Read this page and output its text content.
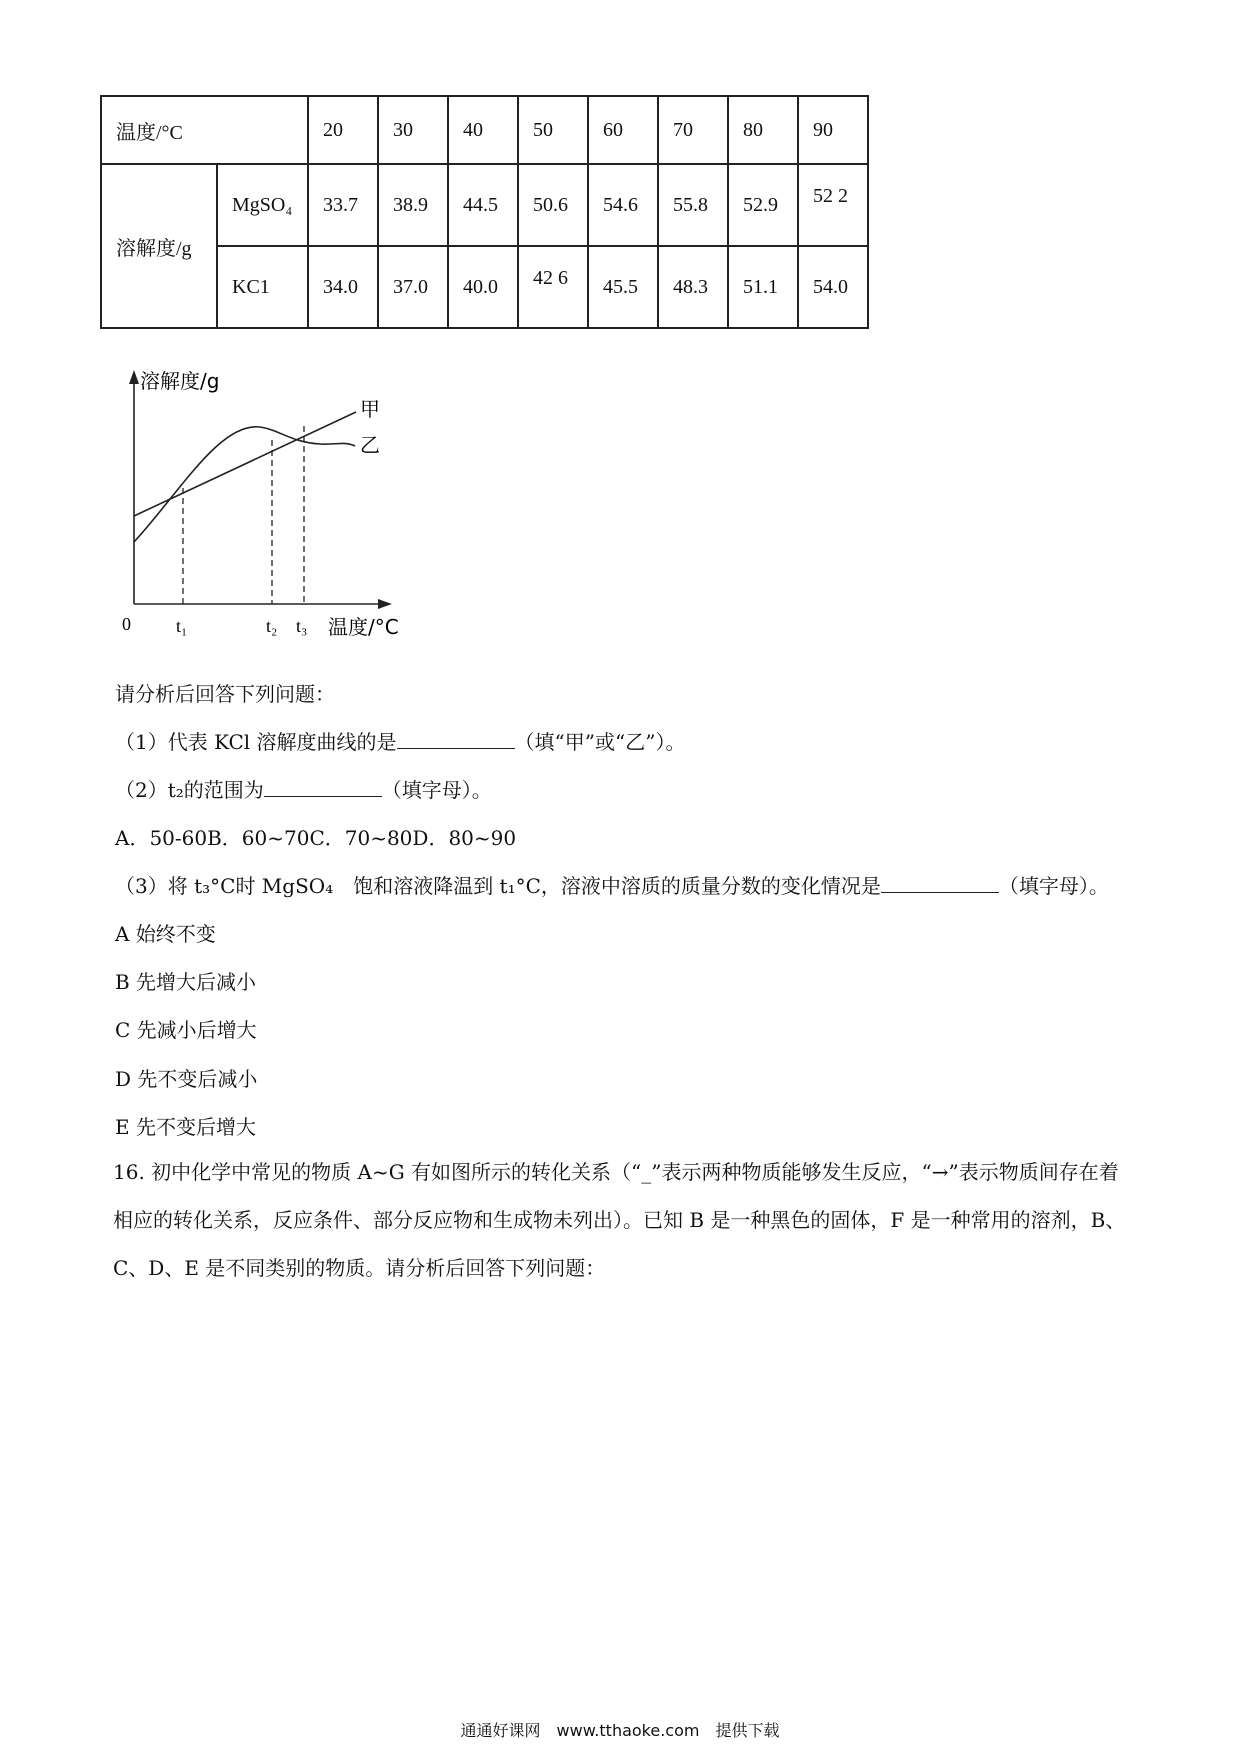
温度/°C		20	30	40	50	60	70	80	90
溶解度/g	MgSO₄	33.7	38.9	44.5	50.6	54.6	55.8	52.9	52 2
	KC1	34.0	37.0	40.0	42 6	45.5	48.3	51.1	54.0
溶解度/g
甲
乙
0	t₁	t₂ t₃ 温度/°C
请分析后回答下列问题：
（1）代表 KCl 溶解度曲线的是	（填“甲”或“乙”）。
（2）t₂的范围为	（填字母）。
A．50-60B．60~70C．70~80D．80~90
（3）将 t₃°C时 MgSO₄　饱和溶液降温到 t₁°C，溶液中溶质的质量分数的变化情况是	（填字母）。
A 始终不变
B 先增大后减小
C 先减小后增大
D 先不变后减小
E 先不变后增大
16. 初中化学中常见的物质 A~G 有如图所示的转化关系（“_”表示两种物质能够发生反应，“→”表示物质间存在着相应的转化关系，反应条件、部分反应物和生成物未列出）。已知 B 是一种黑色的固体，F 是一种常用的溶剂，B、C、D、E 是不同类别的物质。请分析后回答下列问题：
通通好课网　www.tthaoke.com　提供下载
